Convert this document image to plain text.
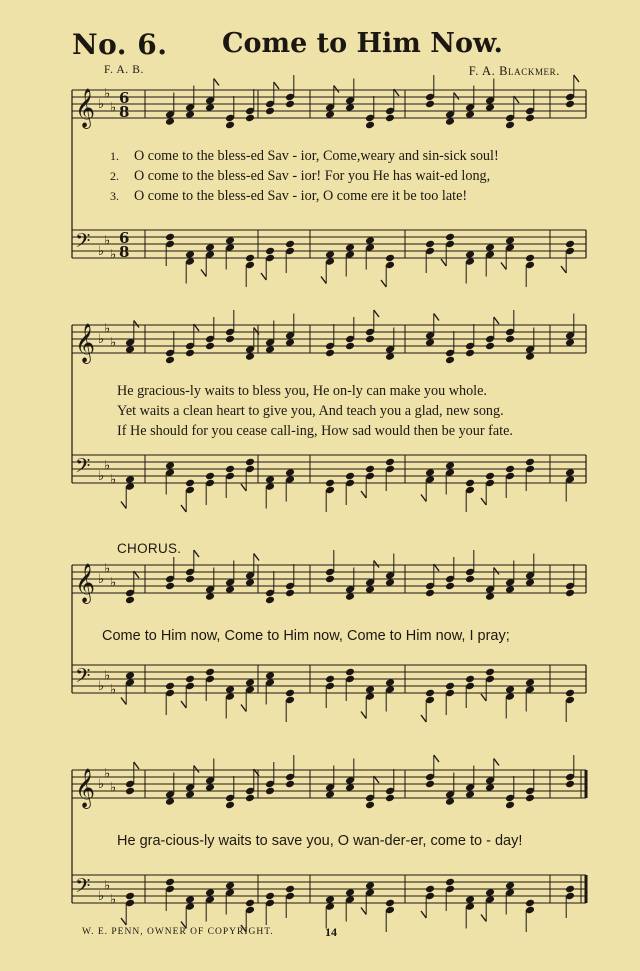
No. 6. Come to Him Now.
F. A. B.	F. A. Blackmer.
𝄞 ♭
♭
♭
6
8
𝄢 ♭
♭
♭
6
8
1. O come to the bless-ed Sav - ior, Come,weary and sin-sick soul!
2. O come to the bless-ed Sav - ior! For you He has wait-ed long,
3. O come to the bless-ed Sav - ior, O come ere it be too late!
𝄞 ♭
♭
♭
𝄢 ♭
♭
♭
He gracious-ly waits to bless you, He on-ly can make you whole.
Yet waits a clean heart to give you, And teach you a glad, new song.
If He should for you cease call-ing, How sad would then be your fate.
CHORUS.
𝄞 ♭
♭
♭
𝄢 ♭
♭
♭
Come to Him now, Come to Him now, Come to Him now, I pray;
𝄞 ♭
♭
♭
𝄢 ♭
♭
♭
He gra-cious-ly waits to save you, O wan-der-er, come to - day!
W. E. PENN, OWNER OF COPYRIGHT.	14
